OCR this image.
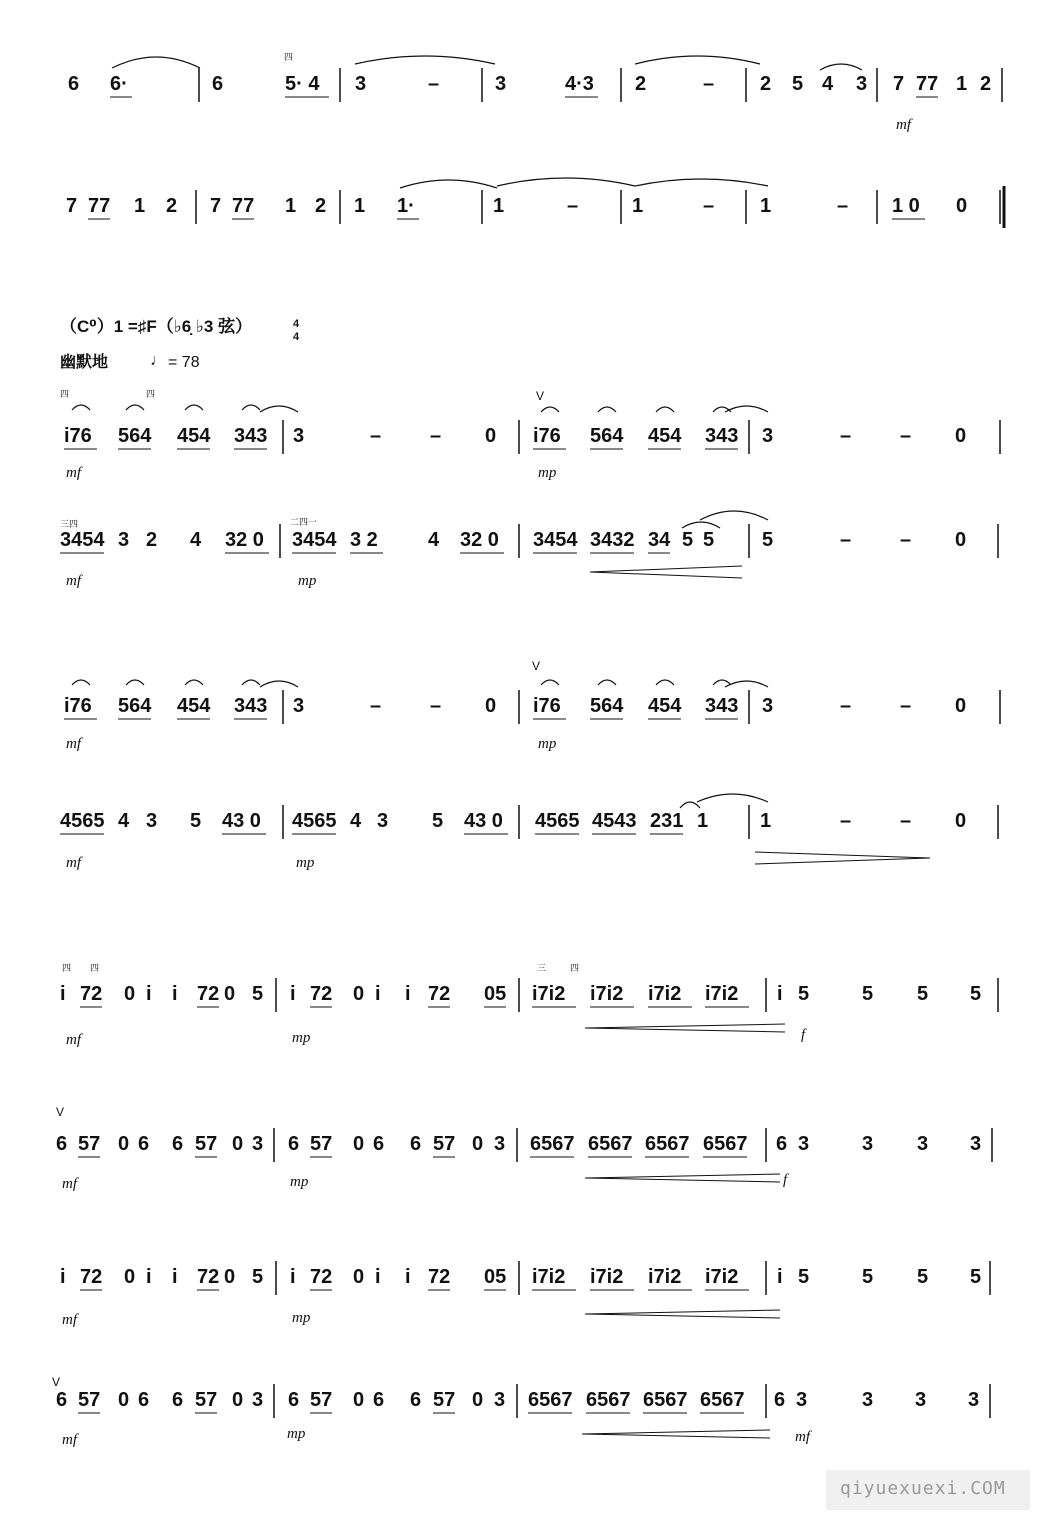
6 6·	6	5· 4 3	–	3	4·3 2	– 2 5 4 3 7 77 1 2
7 77 1 2 7 77 1 2 1 1·	1	–	1	– 1	– 1 0 0
i76 564 454 343 3	– – 0 i76 564 454 343 3	– – 0
3454 3 2 4 32 0 3454 3 2	4 32 0 3454 3432 34 5 5 5	– – 0
i76 564 454 343 3	– – 0 i76 564 454 343 3	– – 0
4565 4 3 5 43 0 4565 4 3 5 43 0 4565 4543 231 1	1	– – 0
i 72 0 i i 72 0 5 i 72 0 i i 72 05 i7i2 i7i2 i7i2 i7i2 i 5	5 5 5
6 57 0 6 6 57 0 3 6 57 0 6 6 57 0 3 6567 6567 6567 6567 6 3	3 3 3
i 72 0 i i 72 0 5 i 72 0 i i 72 05 i7i2 i7i2 i7i2 i7i2 i 5	5 5 5
6 57 0 6 6 57 0 3 6 57 0 6 6 57 0 3 6567 6567 6567 6567 6 3	3 3 3
mf
mf	mp
mf	mp
mf	mp
mf	mp
mf	mp	f
mf	mp	f
mf	mp
mf	mp	mf
四
四	四
三四	二四一
四 四	三	四
V
V
V
V
（C⁰）1 =♯F（♭6̣ ♭3 弦）	4
4
幽默地	♩ = 78
qiyuexuexi.COM
